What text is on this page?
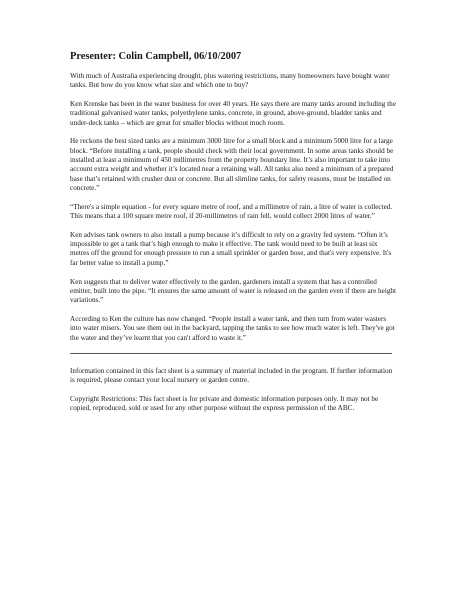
Presenter: Colin Campbell, 06/10/2007

With much of Australia experiencing drought, plus watering restrictions, many homeowners have bought water tanks. But how do you know what size and which one to buy?

Ken Krenske has been in the water business for over 40 years. He says there are many tanks around including the traditional galvanised water tanks, polyethylene tanks, concrete, in ground, above-ground, bladder tanks and under-deck tanks – which are great for smaller blocks without much room.

He reckons the best sized tanks are a minimum 3000 litre for a small block and a minimum 5000 litre for a large block. “Before installing a tank, people should check with their local government. In some areas tanks should be installed at least a minimum of 450 millimetres from the property boundary line. It’s also important to take into account extra weight and whether it’s located near a retaining wall. All tanks also need a minimum of a prepared base that’s retained with crusher dust or concrete. But all slimline tanks, for safety reasons, must be installed on concrete.”

“There's a simple equation - for every square metre of roof, and a millimetre of rain, a litre of water is collected. This means that a 100 square metre roof, if 20-millimetres of rain fell, would collect 2000 litres of water.”

Ken advises tank owners to also install a pump because it’s difficult to rely on a gravity fed system. “Often it’s impossible to get a tank that’s high enough to make it effective. The tank would need to be built at least six metres off the ground for enough pressure to run a small sprinkler or garden hose, and that's very expensive. It's far better value to install a pump.”

Ken suggests that to deliver water effectively to the garden, gardeners install a system that has a controlled emitter, built into the pipe. “It ensures the same amount of water is released on the garden even if there are height variations.”

According to Ken the culture has now changed. “People install a water tank, and then turn from water wasters into water misers. You see them out in the backyard, tapping the tanks to see how much water is left. They've got the water and they’ve learnt that you can't afford to waste it.”

Information contained in this fact sheet is a summary of material included in the program. If further information is required, please contact your local nursery or garden centre.

Copyright Restrictions: This fact sheet is for private and domestic information purposes only. It may not be copied, reproduced, sold or used for any other purpose without the express permission of the ABC.
